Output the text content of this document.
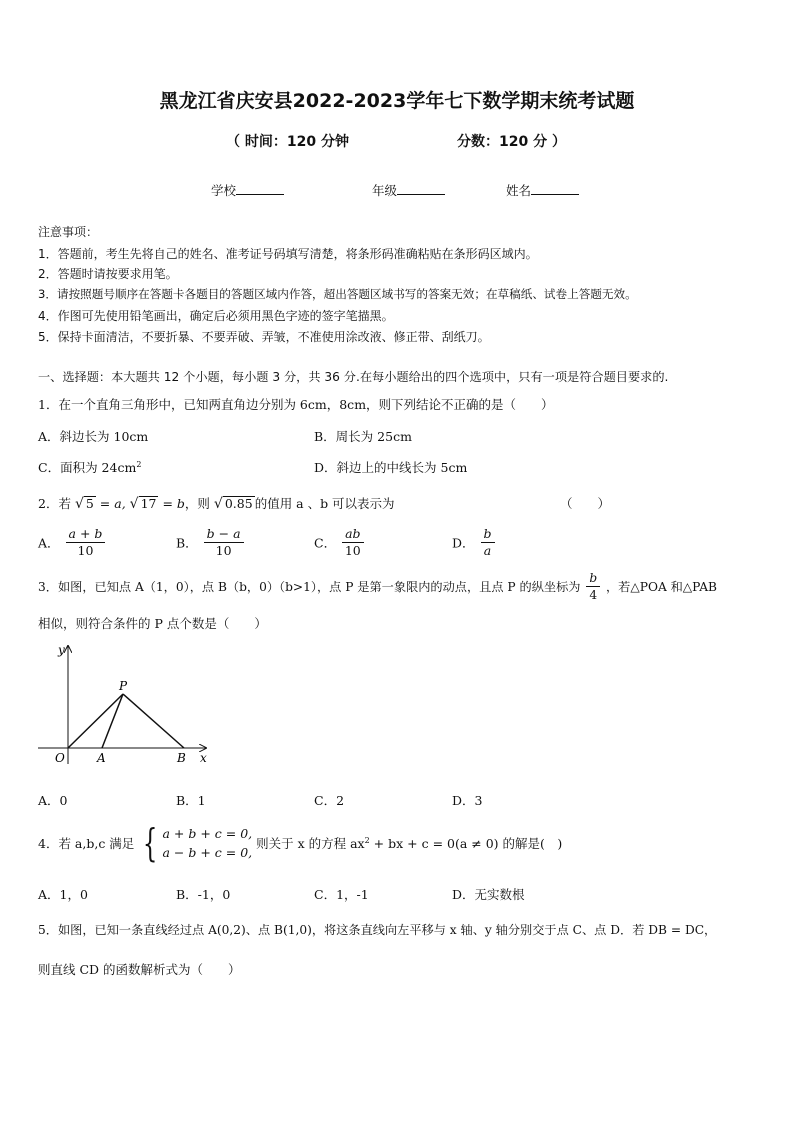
黑龙江省庆安县2022-2023学年七下数学期末统考试题
（ 时间：120 分钟	分数：120 分 ）
学校	年级	姓名
注意事项：
1．答题前，考生先将自己的姓名、准考证号码填写清楚，将条形码准确粘贴在条形码区域内。
2．答题时请按要求用笔。
3．请按照题号顺序在答题卡各题目的答题区域内作答，超出答题区域书写的答案无效；在草稿纸、试卷上答题无效。
4．作图可先使用铅笔画出，确定后必须用黑色字迹的签字笔描黑。
5．保持卡面清洁，不要折暴、不要弄破、弄皱，不准使用涂改液、修正带、刮纸刀。
一、选择题：本大题共 12 个小题，每小题 3 分，共 36 分.在每小题给出的四个选项中，只有一项是符合题目要求的.
1．在一个直角三角形中，已知两直角边分别为 6cm，8cm，则下列结论不正确的是（　　）
A．斜边长为 10cm	B．周长为 25cm
C．面积为 $24cm^2$	D．斜边上的中线长为 5cm
2．若 √ 5 = a, √ 17 = b，则 √ 0.85 的值用 a 、b 可以表示为	（　　）
A． $\frac{a + b}{10}$	B． $\frac{b - a}{10}$	C． $\frac{ab}{10}$	D． $\frac{b}{a}$
3．如图，已知点 A（1，0），点 B（b，0）（b>1），点 P 是第一象限内的动点，且点 P 的纵坐标为 $\frac{b}{4}$ ，若△POA 和△PAB
相似，则符合条件的 P 点个数是（　　）
y
x
O	A	B
P
A．0	B．1	C．2	D．3
4．若 a,b,c 满足 { a + b + c = 0,
a − b + c = 0,
则关于 x 的方程 $ax^2$ + bx + c = 0(a ≠ 0) 的解是(　)
A．1，0	B．-1，0	C．1，-1	D．无实数根
5．如图，已知一条直线经过点 A(0,2)、点 B(1,0)，将这条直线向左平移与 x 轴、y 轴分别交于点 C、点 D．若 DB = DC，
则直线 CD 的函数解析式为（　　）
